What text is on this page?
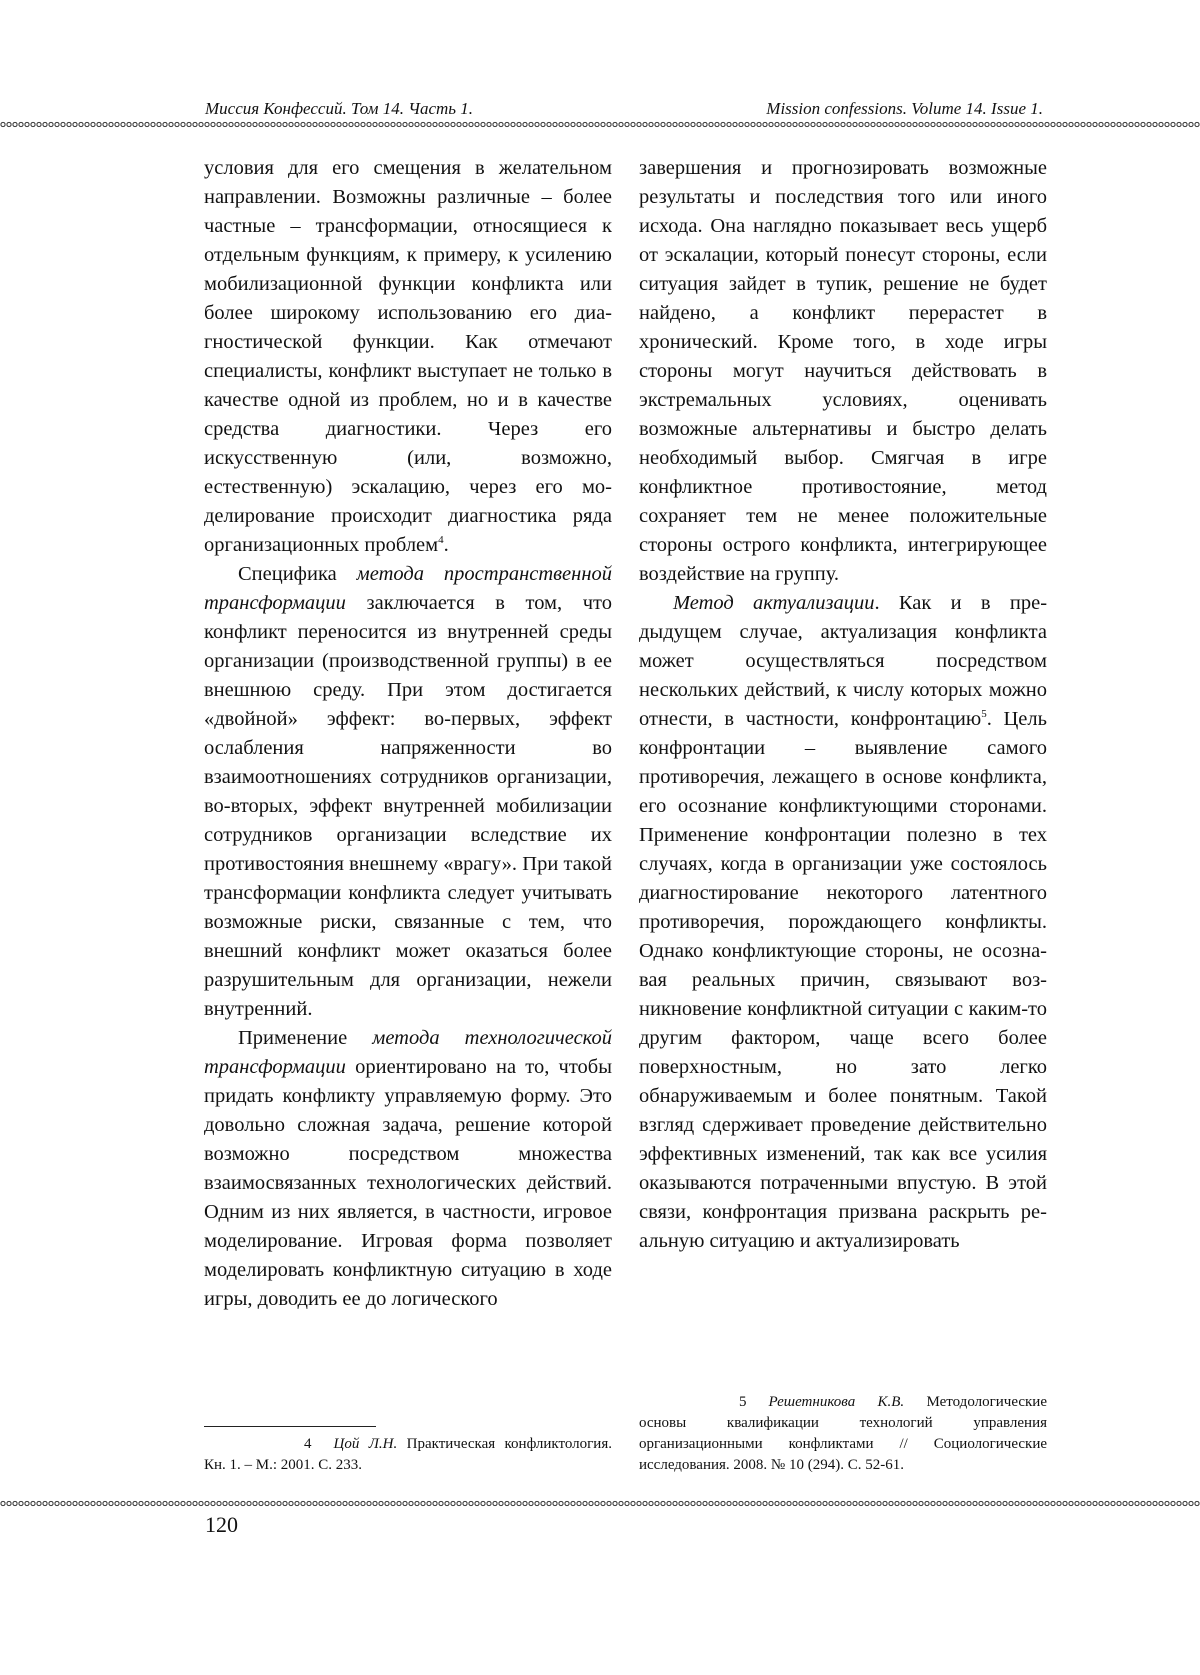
Миссия Конфессий. Том 14. Часть 1.	Mission confessions. Volume 14. Issue 1.

условия для его смещения в желательном направлении. Возможны различные – более частные – трансформации, относящиеся к отдельным функциям, к примеру, к усилению мобилизационной функции конфликта или более широкому использованию его диагностической функции. Как отмечают специалисты, конфликт выступает не только в качестве одной из проблем, но и в качестве средства диагностики. Через его искусственную (или, возможно, естественную) эскалацию, через его моделирование происходит диагностика ряда организационных проблем$^4$.

Специфика метода пространственной трансформации заключается в том, что конфликт переносится из внутренней среды организации (производственной группы) в ее внешнюю среду. При этом достигается «двойной» эффект: во-первых, эффект ослабления напряженности во взаимоотношениях сотрудников организации, во-вторых, эффект внутренней мобилизации сотрудников организации вследствие их противостояния внешнему «врагу». При такой трансформации конфликта следует учитывать возможные риски, связанные с тем, что внешний конфликт может оказаться более разрушительным для организации, нежели внутренний.

Применение метода технологической трансформации ориентировано на то, чтобы придать конфликту управляемую форму. Это довольно сложная задача, решение которой возможно посредством множества взаимосвязанных технологических действий. Одним из них является, в частности, игровое моделирование. Игровая форма позволяет моделировать конфликтную ситуацию в ходе игры, доводить ее до логического

завершения и прогнозировать возможные результаты и последствия того или иного исхода. Она наглядно показывает весь ущерб от эскалации, который понесут стороны, если ситуация зайдет в тупик, решение не будет найдено, а конфликт перерастет в хронический. Кроме того, в ходе игры стороны могут научиться действовать в экстремальных условиях, оценивать возможные альтернативы и быстро делать необходимый выбор. Смягчая в игре конфликтное противостояние, метод сохраняет тем не менее положительные стороны острого конфликта, интегрирующее воздействие на группу.

Метод актуализации. Как и в предыдущем случае, актуализация конфликта может осуществляться посредством нескольких действий, к числу которых можно отнести, в частности, конфронтацию$^5$. Цель конфронтации – выявление самого противоречия, лежащего в основе конфликта, его осознание конфликтующими сторонами. Применение конфронтации полезно в тех случаях, когда в организации уже состоялось диагностирование некоторого латентного противоречия, порождающего конфликты. Однако конфликтующие стороны, не осознавая реальных причин, связывают возникновение конфликтной ситуации с каким-то другим фактором, чаще всего более поверхностным, но зато легко обнаруживаемым и более понятным. Такой взгляд сдерживает проведение действительно эффективных изменений, так как все усилия оказываются потраченными впустую. В этой связи, конфронтация призвана раскрыть реальную ситуацию и актуализировать

4 Цой Л.Н. Практическая конфликтология. Кн. 1. – М.: 2001. С. 233.

5 Решетникова К.В. Методологические основы квалификации технологий управления организационными конфликтами // Социологические исследования. 2008. № 10 (294). С. 52-61.

120
